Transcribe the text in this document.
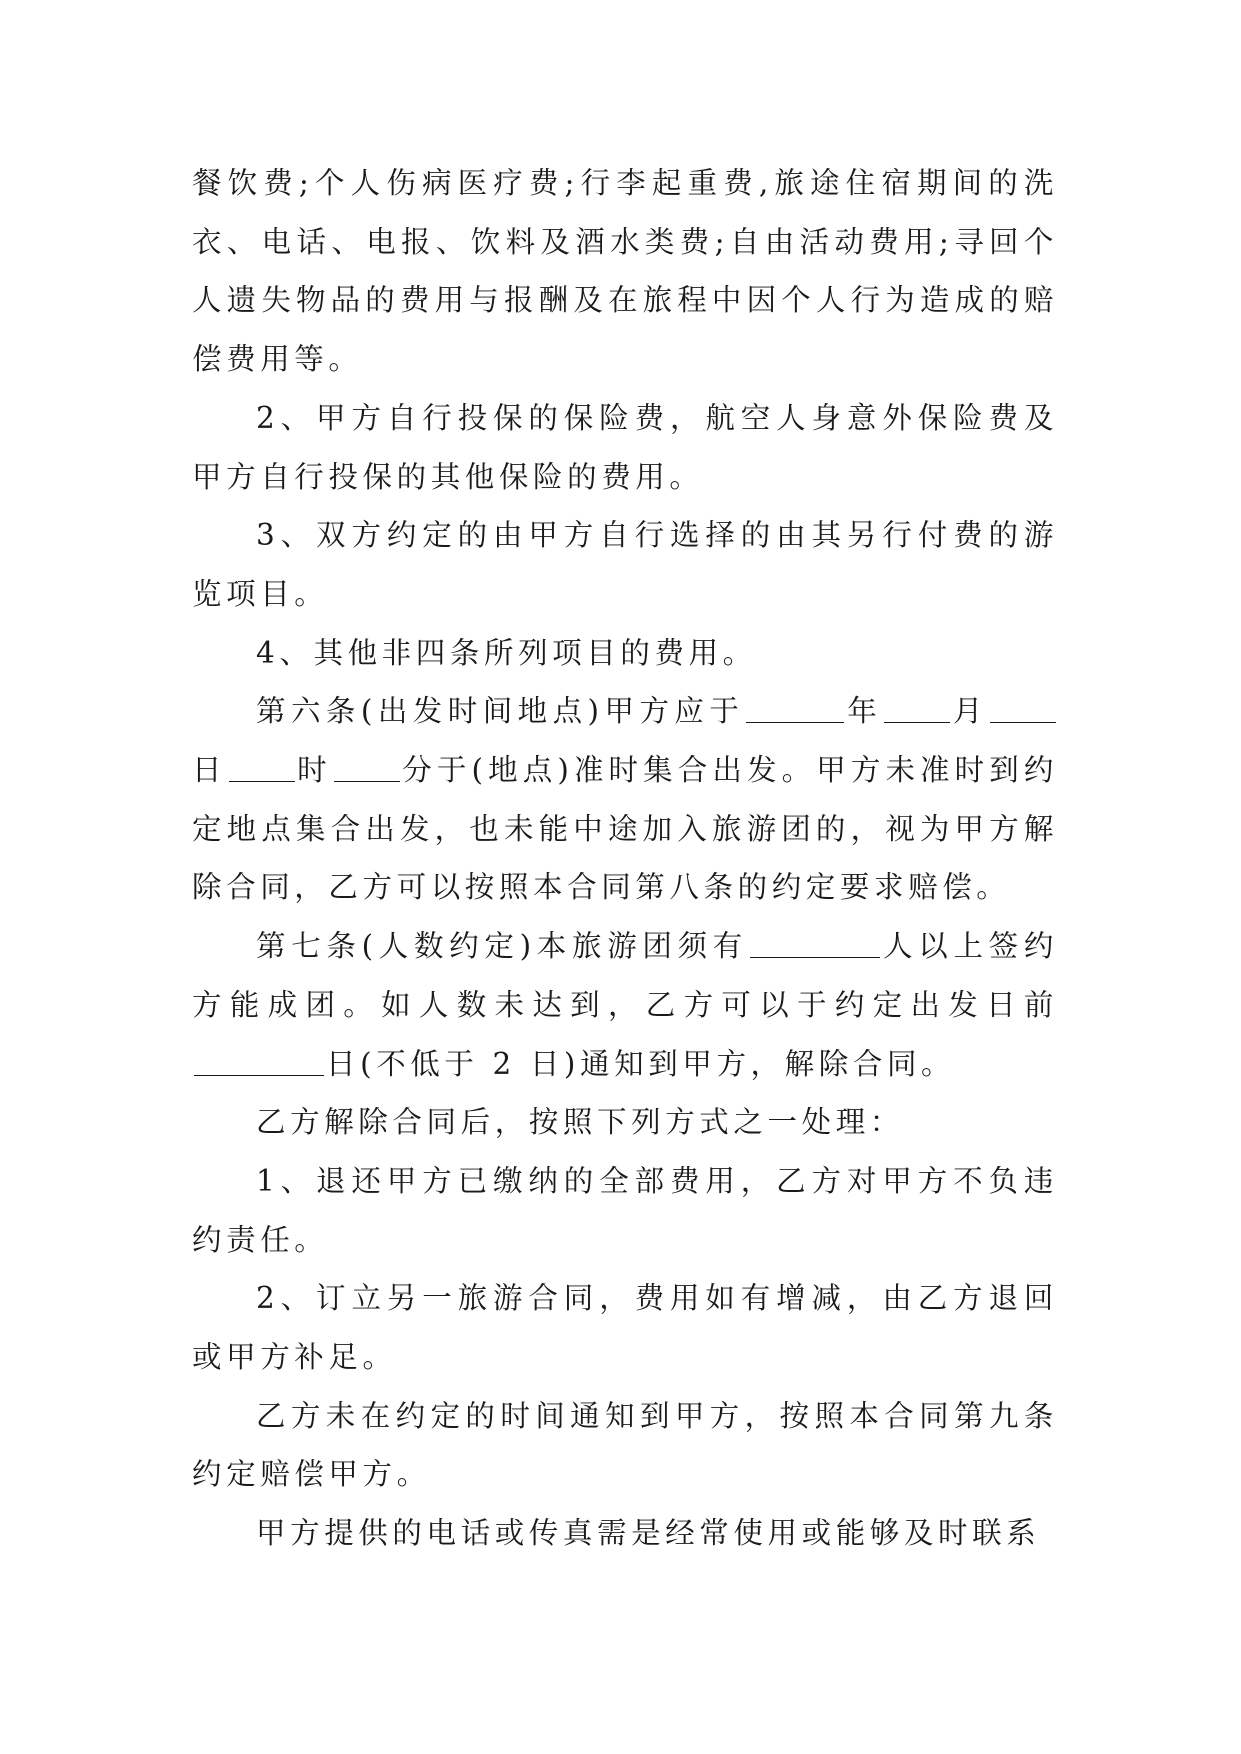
餐饮费;个人伤病医疗费;行李起重费,旅途住宿期间的洗衣、电话、电报、饮料及酒水类费;自由活动费用;寻回个人遗失物品的费用与报酬及在旅程中因个人行为造成的赔偿费用等。

2、甲方自行投保的保险费，航空人身意外保险费及甲方自行投保的其他保险的费用。

3、双方约定的由甲方自行选择的由其另行付费的游览项目。

4、其他非四条所列项目的费用。

第六条(出发时间地点)甲方应于	年 月日 时 分于(地点)准时集合出发。甲方未准时到约定地点集合出发，也未能中途加入旅游团的，视为甲方解除合同，乙方可以按照本合同第八条的约定要求赔偿。

第七条(人数约定)本旅游团须有	人以上签约方能成团。如人数未达到，乙方可以于约定出发日前日(不低于 2 日)通知到甲方，解除合同。

乙方解除合同后，按照下列方式之一处理：

1、退还甲方已缴纳的全部费用，乙方对甲方不负违约责任。

2、订立另一旅游合同，费用如有增减，由乙方退回或甲方补足。

乙方未在约定的时间通知到甲方，按照本合同第九条约定赔偿甲方。

甲方提供的电话或传真需是经常使用或能够及时联系
